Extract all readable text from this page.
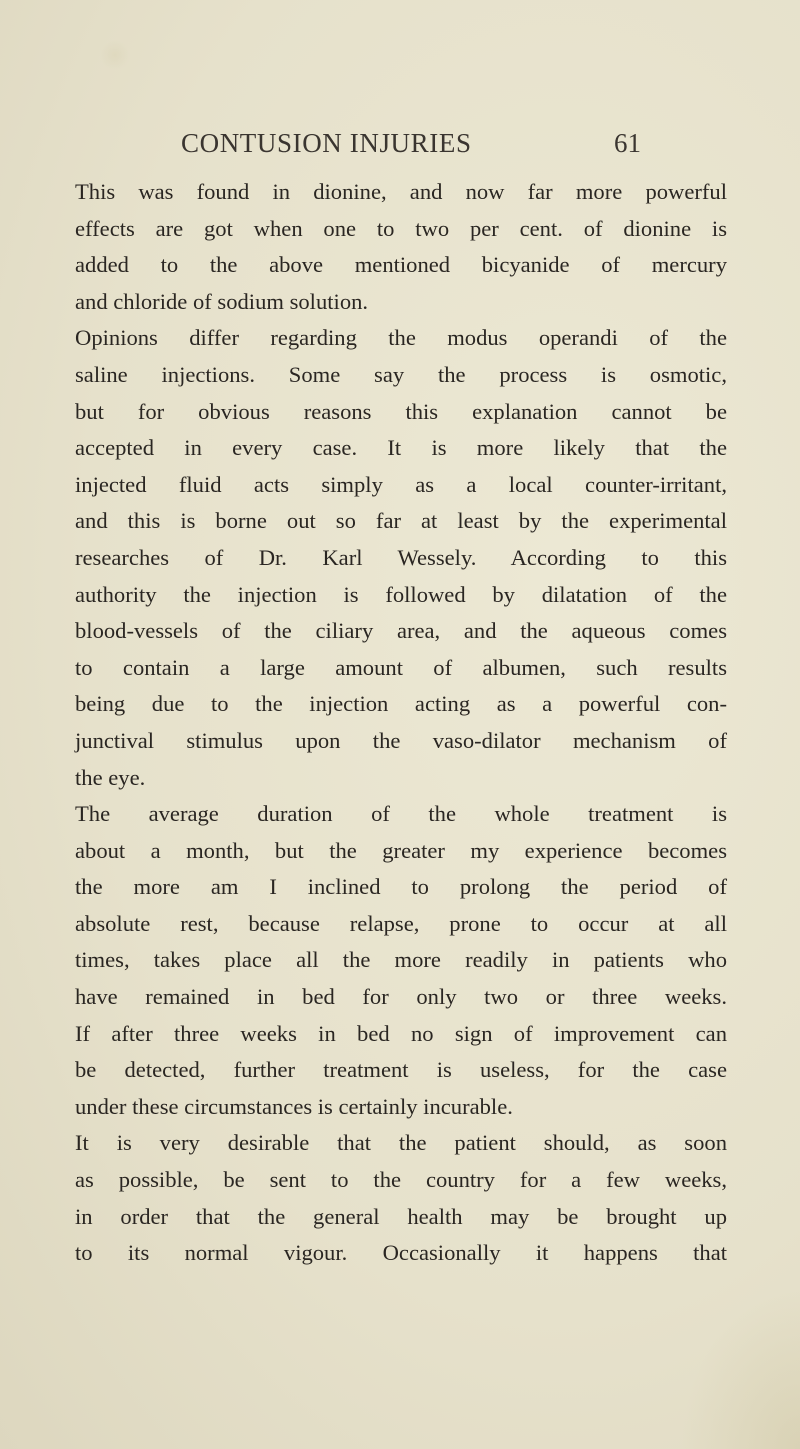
CONTUSION INJURIES	61
This was found in dionine, and now far more powerful
effects are got when one to two per cent. of dionine is
added to the above mentioned bicyanide of mercury
and chloride of sodium solution.
Opinions differ regarding the modus operandi of the
saline injections. Some say the process is osmotic,
but for obvious reasons this explanation cannot be
accepted in every case. It is more likely that the
injected fluid acts simply as a local counter-irritant,
and this is borne out so far at least by the experimental
researches of Dr. Karl Wessely. According to this
authority the injection is followed by dilatation of the
blood-vessels of the ciliary area, and the aqueous comes
to contain a large amount of albumen, such results
being due to the injection acting as a powerful con-
junctival stimulus upon the vaso-dilator mechanism of
the eye.
The average duration of the whole treatment is
about a month, but the greater my experience becomes
the more am I inclined to prolong the period of
absolute rest, because relapse, prone to occur at all
times, takes place all the more readily in patients who
have remained in bed for only two or three weeks.
If after three weeks in bed no sign of improvement can
be detected, further treatment is useless, for the case
under these circumstances is certainly incurable.
It is very desirable that the patient should, as soon
as possible, be sent to the country for a few weeks,
in order that the general health may be brought up
to its normal vigour. Occasionally it happens that
